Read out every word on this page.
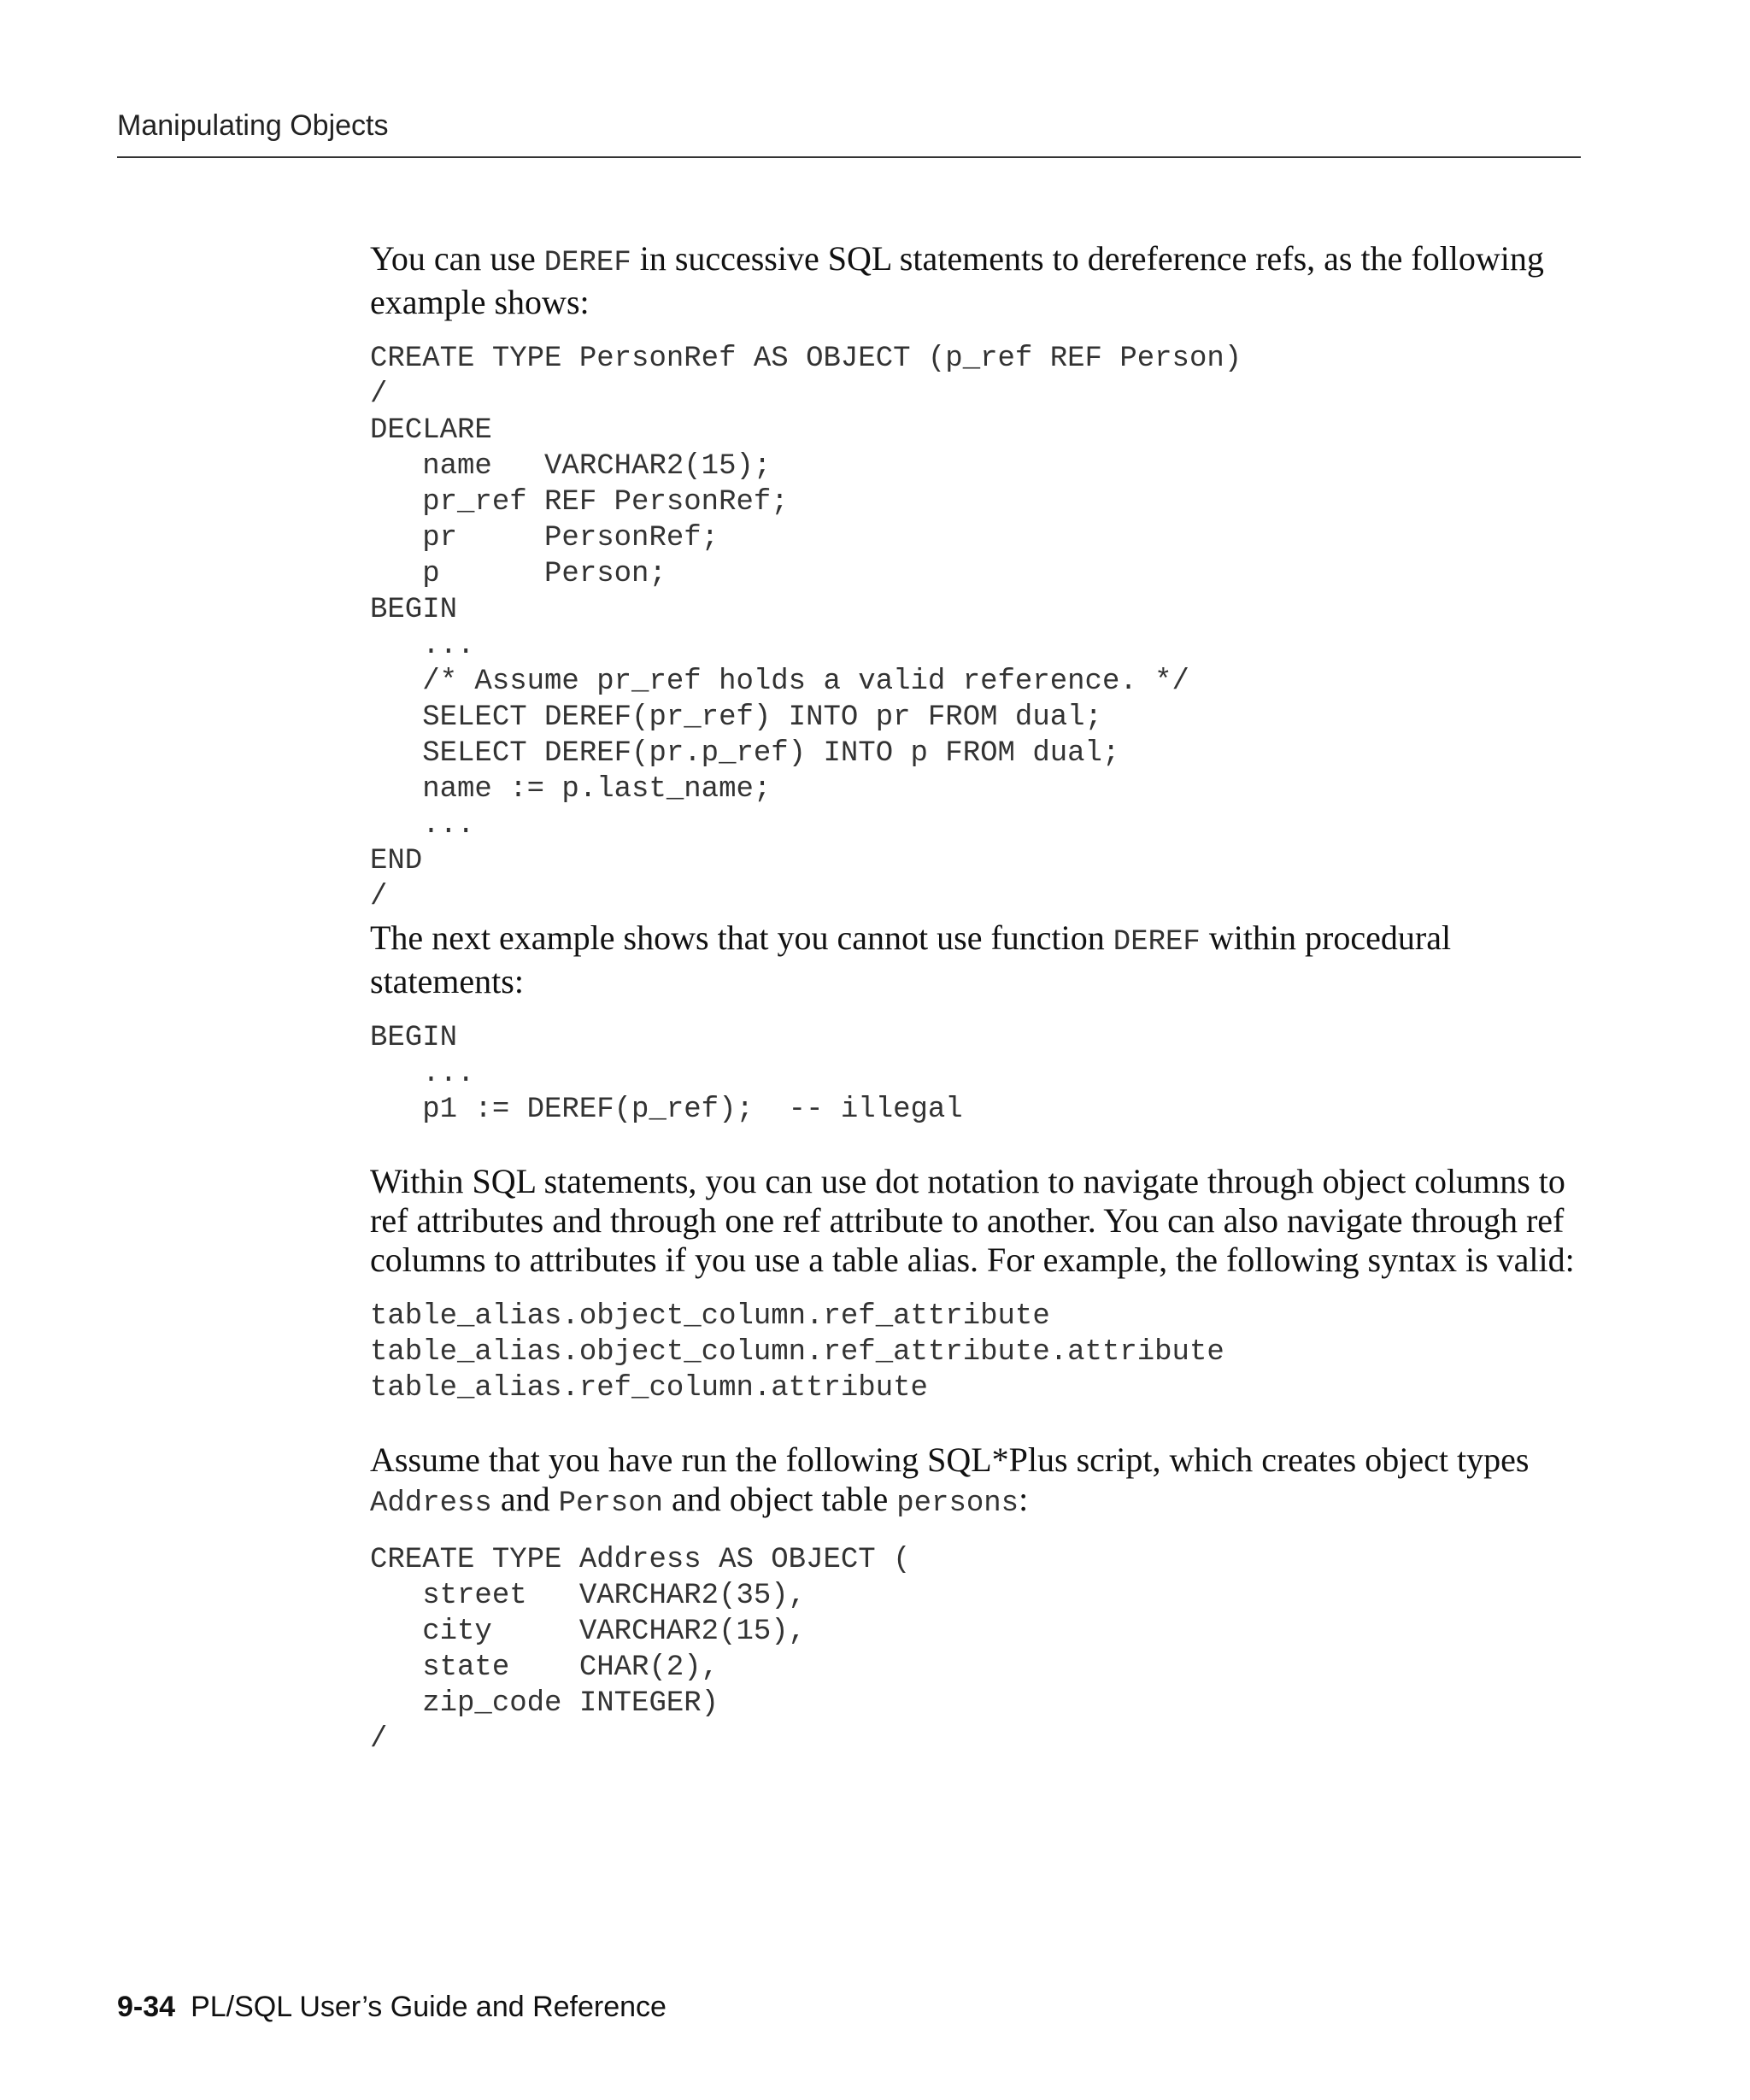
Manipulating Objects

You can use DEREF in successive SQL statements to dereference refs, as the following example shows:

CREATE TYPE PersonRef AS OBJECT (p_ref REF Person)
/
DECLARE
name   VARCHAR2(15);
pr_ref REF PersonRef;
pr     PersonRef;
p      Person;
BEGIN
...
/* Assume pr_ref holds a valid reference. */
SELECT DEREF(pr_ref) INTO pr FROM dual;
SELECT DEREF(pr.p_ref) INTO p FROM dual;
name := p.last_name;
...
END
/

The next example shows that you cannot use function DEREF within procedural statements:

BEGIN
...
p1 := DEREF(p_ref);  -- illegal

Within SQL statements, you can use dot notation to navigate through object columns to ref attributes and through one ref attribute to another. You can also navigate through ref columns to attributes if you use a table alias. For example, the following syntax is valid:

table_alias.object_column.ref_attribute
table_alias.object_column.ref_attribute.attribute
table_alias.ref_column.attribute

Assume that you have run the following SQL*Plus script, which creates object types Address and Person and object table persons:

CREATE TYPE Address AS OBJECT (
street   VARCHAR2(35),
city     VARCHAR2(15),
state    CHAR(2),
zip_code INTEGER)
/
9-34 PL/SQL User’s Guide and Reference
